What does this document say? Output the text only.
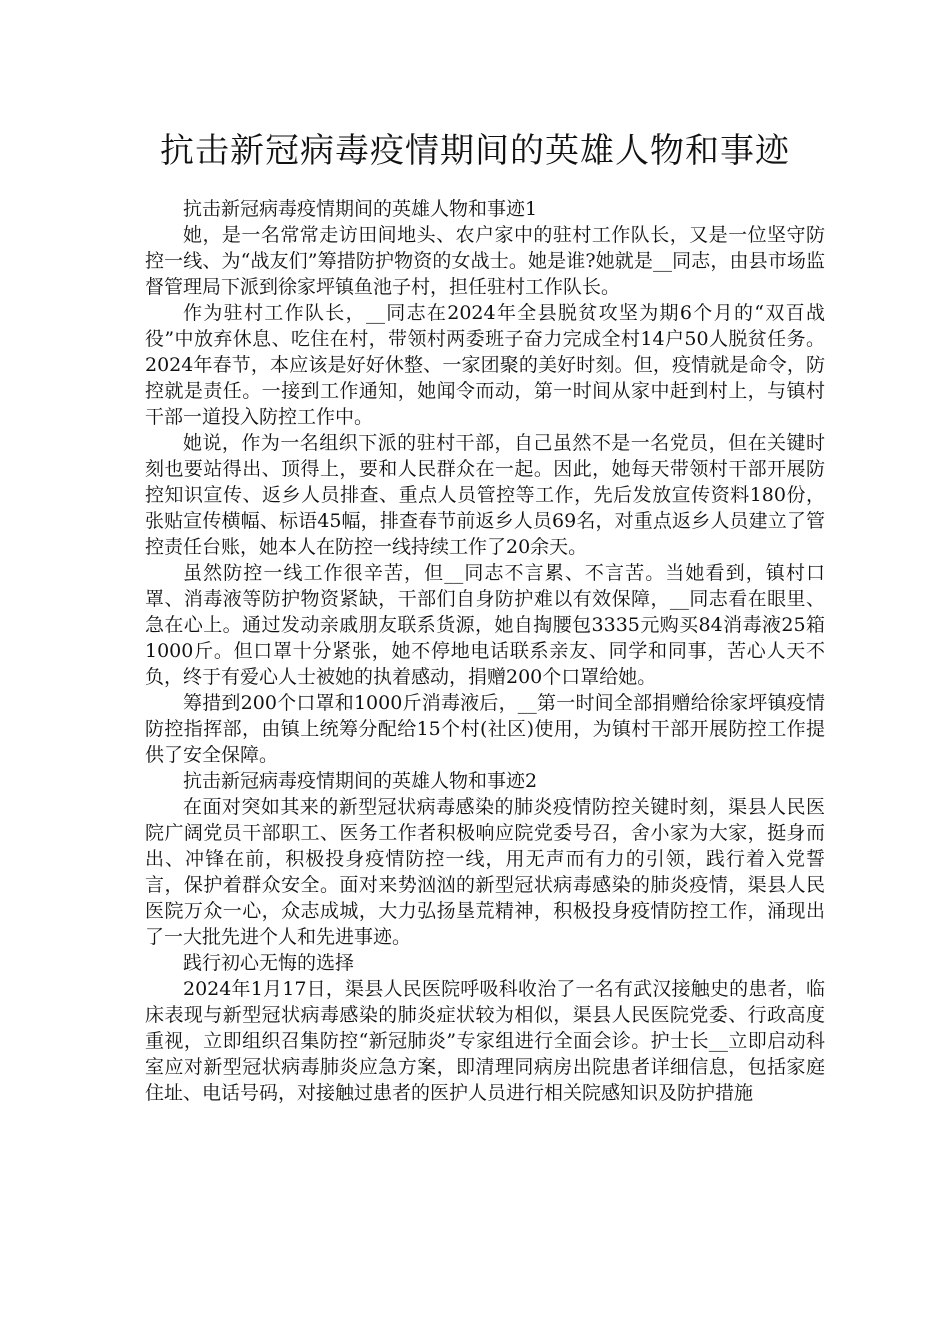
抗击新冠病毒疫情期间的英雄人物和事迹

抗击新冠病毒疫情期间的英雄人物和事迹1

她，是一名常常走访田间地头、农户家中的驻村工作队长，又是一位坚守防控一线、为“战友们”筹措防护物资的女战士。她是谁?她就是__同志，由县市场监督管理局下派到徐家坪镇鱼池子村，担任驻村工作队长。

作为驻村工作队长，__同志在2024年全县脱贫攻坚为期6个月的“双百战役”中放弃休息、吃住在村，带领村两委班子奋力完成全村14户50人脱贫任务。2024年春节，本应该是好好休整、一家团聚的美好时刻。但，疫情就是命令，防控就是责任。一接到工作通知，她闻令而动，第一时间从家中赶到村上，与镇村干部一道投入防控工作中。

她说，作为一名组织下派的驻村干部，自己虽然不是一名党员，但在关键时刻也要站得出、顶得上，要和人民群众在一起。因此，她每天带领村干部开展防控知识宣传、返乡人员排查、重点人员管控等工作，先后发放宣传资料180份，张贴宣传横幅、标语45幅，排查春节前返乡人员69名，对重点返乡人员建立了管控责任台账，她本人在防控一线持续工作了20余天。

虽然防控一线工作很辛苦，但__同志不言累、不言苦。当她看到，镇村口罩、消毒液等防护物资紧缺，干部们自身防护难以有效保障，__同志看在眼里、急在心上。通过发动亲戚朋友联系货源，她自掏腰包3335元购买84消毒液25箱1000斤。但口罩十分紧张，她不停地电话联系亲友、同学和同事，苦心人天不负，终于有爱心人士被她的执着感动，捐赠200个口罩给她。

筹措到200个口罩和1000斤消毒液后，__第一时间全部捐赠给徐家坪镇疫情防控指挥部，由镇上统筹分配给15个村(社区)使用，为镇村干部开展防控工作提供了安全保障。

抗击新冠病毒疫情期间的英雄人物和事迹2

在面对突如其来的新型冠状病毒感染的肺炎疫情防控关键时刻，渠县人民医院广阔党员干部职工、医务工作者积极响应院党委号召，舍小家为大家，挺身而出、冲锋在前，积极投身疫情防控一线，用无声而有力的引领，践行着入党誓言，保护着群众安全。面对来势汹汹的新型冠状病毒感染的肺炎疫情，渠县人民医院万众一心，众志成城，大力弘扬垦荒精神，积极投身疫情防控工作，涌现出了一大批先进个人和先进事迹。

践行初心无悔的选择

2024年1月17日，渠县人民医院呼吸科收治了一名有武汉接触史的患者，临床表现与新型冠状病毒感染的肺炎症状较为相似，渠县人民医院党委、行政高度重视，立即组织召集防控“新冠肺炎”专家组进行全面会诊。护士长__立即启动科室应对新型冠状病毒肺炎应急方案，即清理同病房出院患者详细信息，包括家庭住址、电话号码，对接触过患者的医护人员进行相关院感知识及防护措施
